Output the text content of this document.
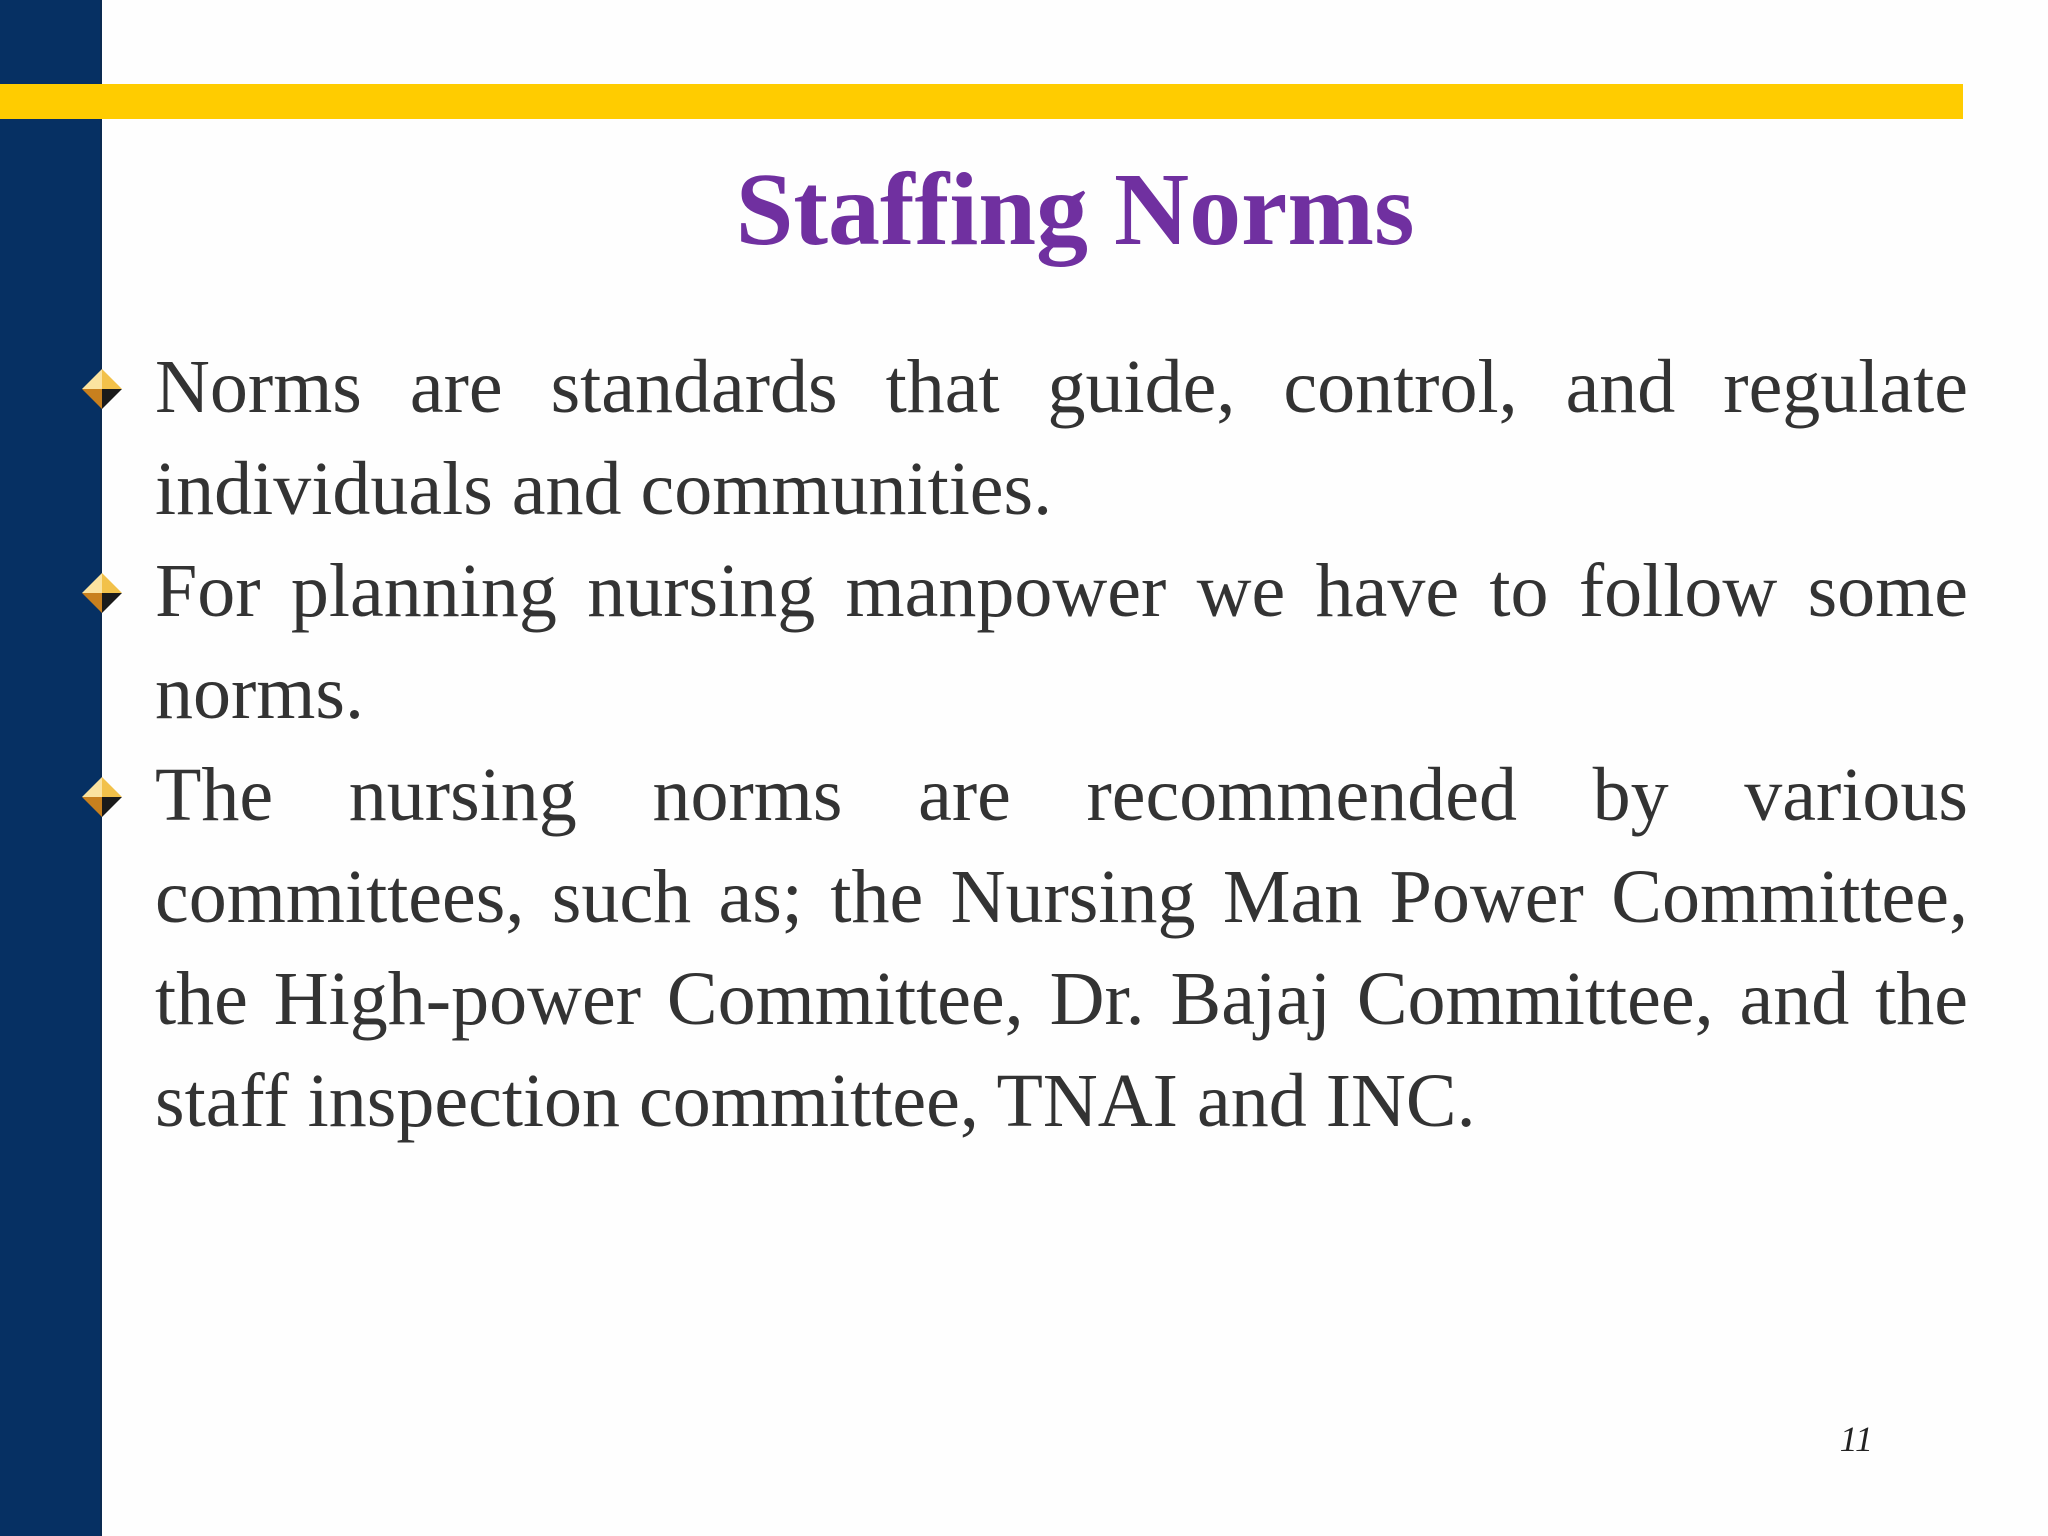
Staffing Norms
Norms are standards that guide, control, and regulate individuals and communities.
For planning nursing manpower we have to follow some norms.
The nursing norms are recommended by various committees, such as; the Nursing Man Power Committee, the High-power Committee, Dr. Bajaj Committee, and the staff inspection committee, TNAI and INC.
11
